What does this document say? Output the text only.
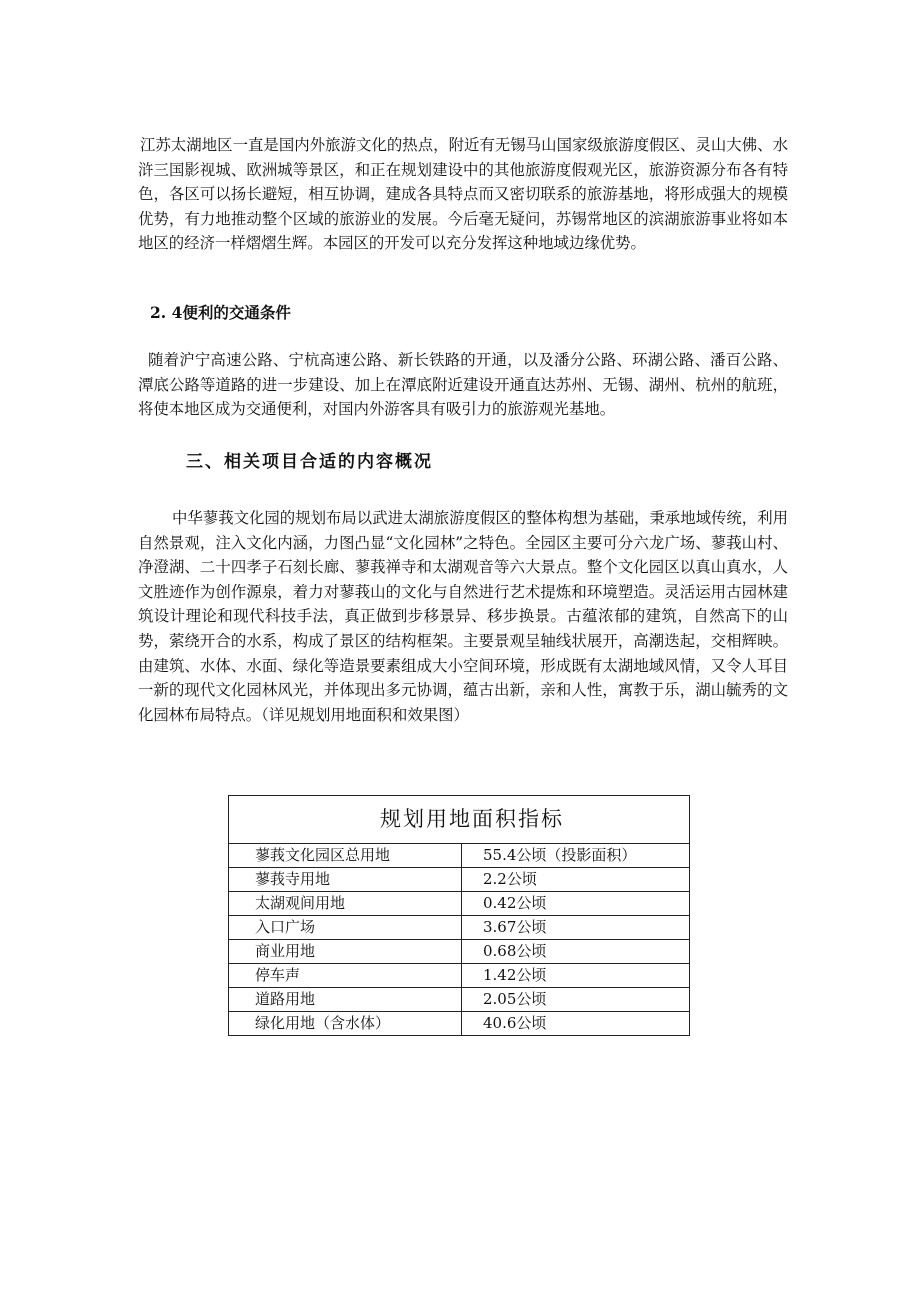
江苏太湖地区一直是国内外旅游文化的热点，附近有无锡马山国家级旅游度假区、灵山大佛、水浒三国影视城、欧洲城等景区，和正在规划建设中的其他旅游度假观光区，旅游资源分布各有特色，各区可以扬长避短，相互协调，建成各具特点而又密切联系的旅游基地，将形成强大的规模优势，有力地推动整个区域的旅游业的发展。今后毫无疑问，苏锡常地区的滨湖旅游事业将如本地区的经济一样熠熠生辉。本园区的开发可以充分发挥这种地域边缘优势。

2. 4便利的交通条件

随着沪宁高速公路、宁杭高速公路、新长铁路的开通，以及潘分公路、环湖公路、潘百公路、潭底公路等道路的进一步建设、加上在潭底附近建设开通直达苏州、无锡、湖州、杭州的航班，将使本地区成为交通便利，对国内外游客具有吸引力的旅游观光基地。

三、相关项目合适的内容概况

中华蓼莪文化园的规划布局以武进太湖旅游度假区的整体构想为基础，秉承地域传统，利用自然景观，注入文化内涵，力图凸显“文化园林”之特色。全园区主要可分六龙广场、蓼莪山村、净澄湖、二十四孝子石刻长廊、蓼莪禅寺和太湖观音等六大景点。整个文化园区以真山真水，人文胜迹作为创作源泉，着力对蓼莪山的文化与自然进行艺术提炼和环境塑造。灵活运用古园林建筑设计理论和现代科技手法，真正做到步移景异、移步换景。古蕴浓郁的建筑，自然高下的山势，萦绕开合的水系，构成了景区的结构框架。主要景观呈轴线状展开，高潮迭起，交相辉映。由建筑、水体、水面、绿化等造景要素组成大小空间环境，形成既有太湖地域风情，又令人耳目一新的现代文化园林风光，并体现出多元协调，蕴古出新，亲和人性，寓教于乐，湖山毓秀的文化园林布局特点。（详见规划用地面积和效果图）

规划用地面积指标	
蓼莪文化园区总用地	55.4公顷（投影面积）
蓼莪寺用地	2.2公顷
太湖观间用地	0.42公顷
入口广场	3.67公顷
商业用地	0.68公顷
停车声	1.42公顷
道路用地	2.05公顷
绿化用地（含水体）	40.6公顷
